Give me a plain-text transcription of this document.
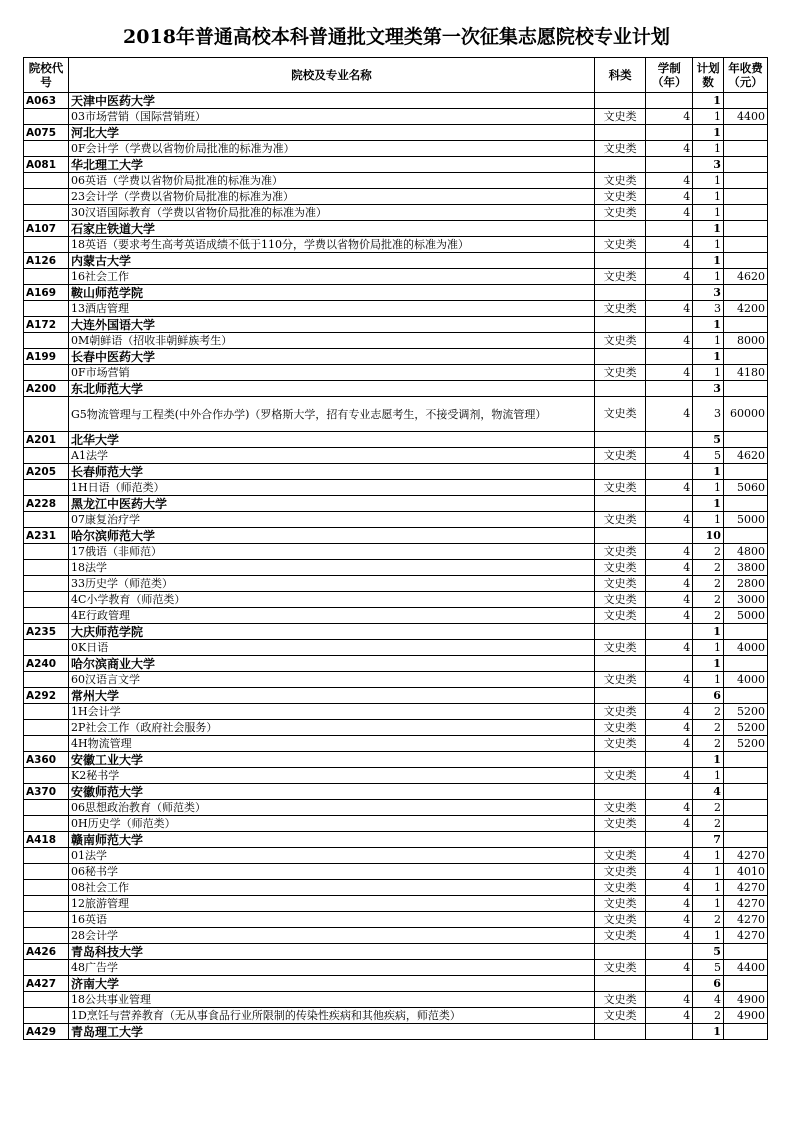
2018年普通高校本科普通批文理类第一次征集志愿院校专业计划
院校代号	院校及专业名称	科类	学制（年）	计划数	年收费（元）
A063	天津中医药大学			1	
	03市场营销（国际营销班）	文史类	4	1	4400
A075	河北大学			1	
	0F会计学（学费以省物价局批准的标准为准）	文史类	4	1	
A081	华北理工大学			3	
	06英语（学费以省物价局批准的标准为准）	文史类	4	1	
	23会计学（学费以省物价局批准的标准为准）	文史类	4	1	
	30汉语国际教育（学费以省物价局批准的标准为准）	文史类	4	1	
A107	石家庄铁道大学			1	
	18英语（要求考生高考英语成绩不低于110分，学费以省物价局批准的标准为准）	文史类	4	1	
A126	内蒙古大学			1	
	16社会工作	文史类	4	1	4620
A169	鞍山师范学院			3	
	13酒店管理	文史类	4	3	4200
A172	大连外国语大学			1	
	0M朝鲜语（招收非朝鲜族考生）	文史类	4	1	8000
A199	长春中医药大学			1	
	0F市场营销	文史类	4	1	4180
A200	东北师范大学			3	
	G5物流管理与工程类(中外合作办学)（罗格斯大学，招有专业志愿考生，不接受调剂，物流管理）	文史类	4	3	60000
A201	北华大学			5	
	A1法学	文史类	4	5	4620
A205	长春师范大学			1	
	1H日语（师范类）	文史类	4	1	5060
A228	黑龙江中医药大学			1	
	07康复治疗学	文史类	4	1	5000
A231	哈尔滨师范大学			10	
	17俄语（非师范）	文史类	4	2	4800
	18法学	文史类	4	2	3800
	33历史学（师范类）	文史类	4	2	2800
	4C小学教育（师范类）	文史类	4	2	3000
	4E行政管理	文史类	4	2	5000
A235	大庆师范学院			1	
	0K日语	文史类	4	1	4000
A240	哈尔滨商业大学			1	
	60汉语言文学	文史类	4	1	4000
A292	常州大学			6	
	1H会计学	文史类	4	2	5200
	2P社会工作（政府社会服务）	文史类	4	2	5200
	4H物流管理	文史类	4	2	5200
A360	安徽工业大学			1	
	K2秘书学	文史类	4	1	
A370	安徽师范大学			4	
	06思想政治教育（师范类）	文史类	4	2	
	0H历史学（师范类）	文史类	4	2	
A418	赣南师范大学			7	
	01法学	文史类	4	1	4270
	06秘书学	文史类	4	1	4010
	08社会工作	文史类	4	1	4270
	12旅游管理	文史类	4	1	4270
	16英语	文史类	4	2	4270
	28会计学	文史类	4	1	4270
A426	青岛科技大学			5	
	48广告学	文史类	4	5	4400
A427	济南大学			6	
	18公共事业管理	文史类	4	4	4900
	1D烹饪与营养教育（无从事食品行业所限制的传染性疾病和其他疾病，师范类）	文史类	4	2	4900
A429	青岛理工大学			1	
